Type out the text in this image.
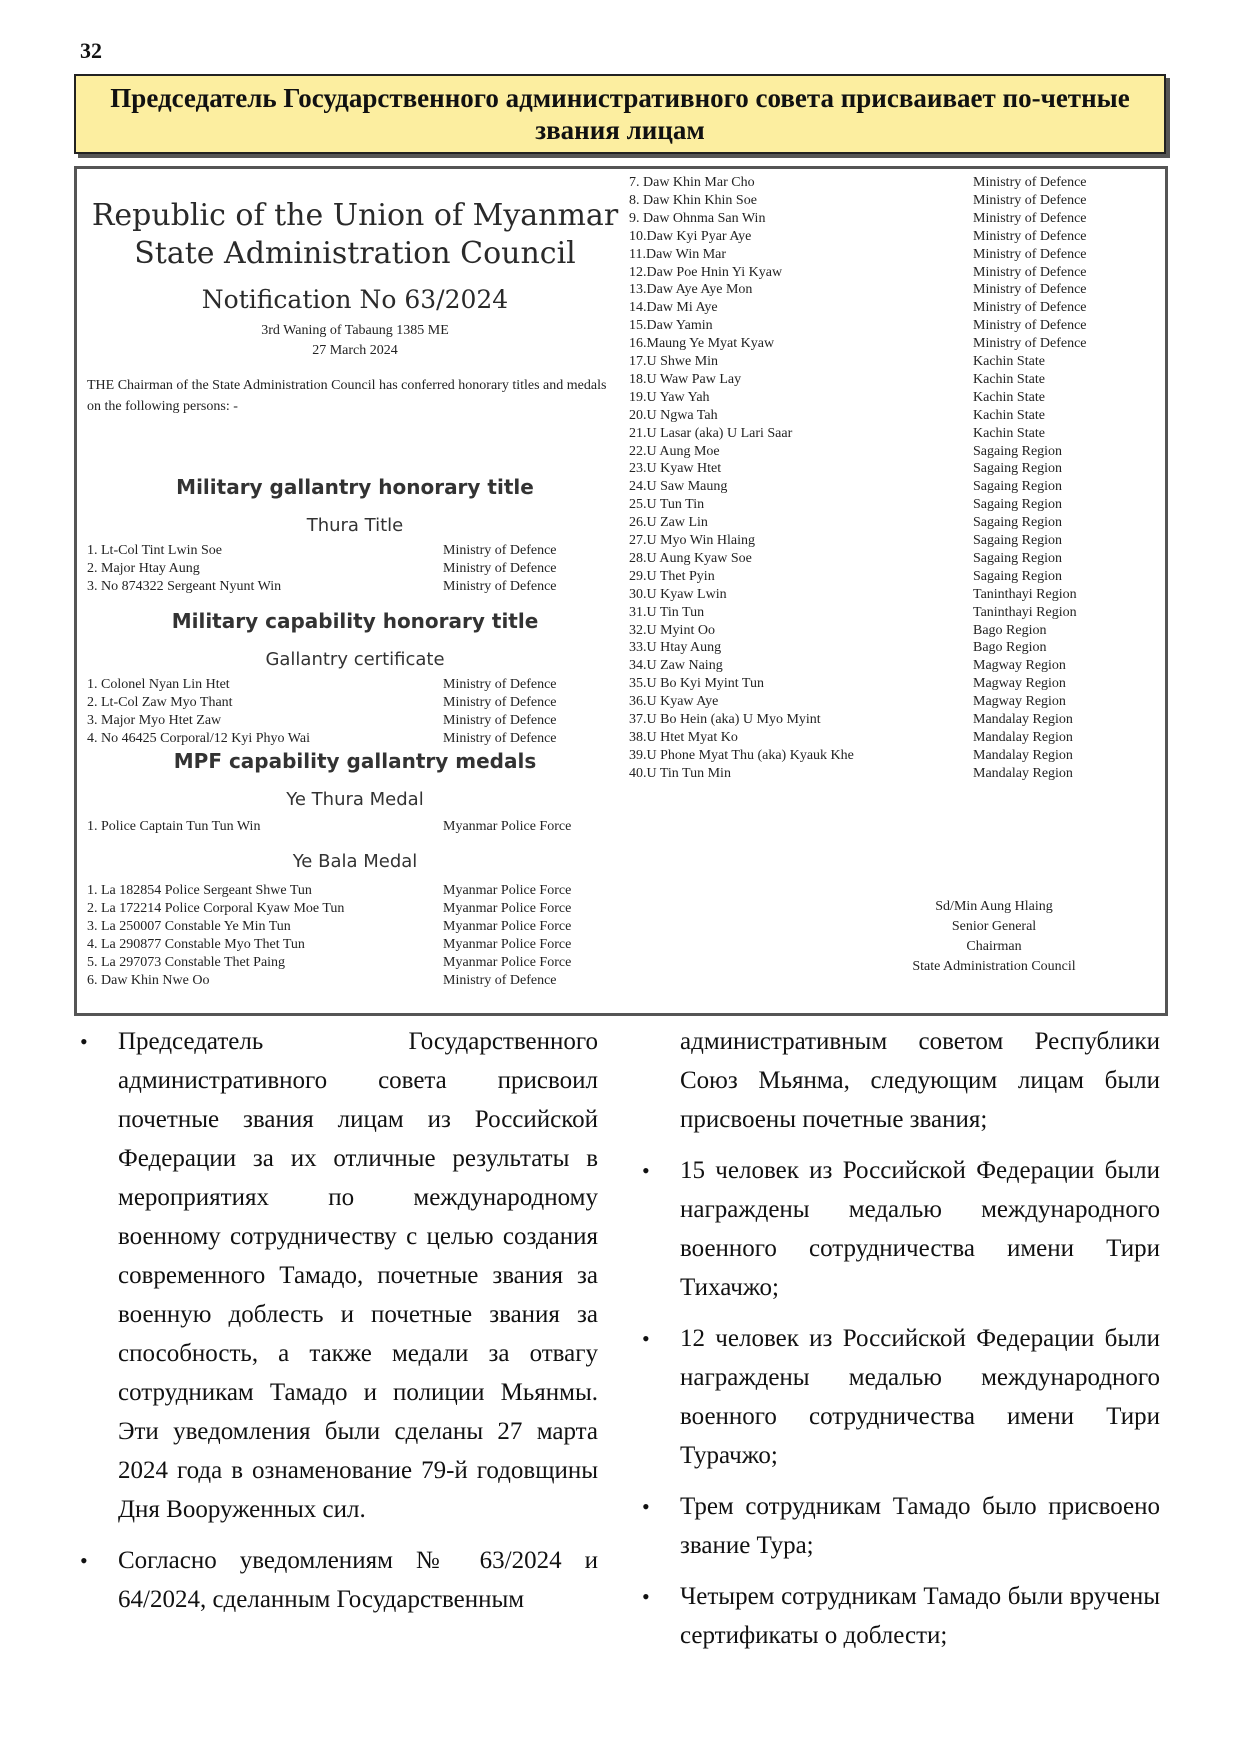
32
Председатель Государственного административного совета присваивает по-четные звания лицам
Republic of the Union of Myanmar
State Administration Council
Notification No 63/2024
3rd Waning of Tabaung 1385 ME
27 March 2024
THE Chairman of the State Administration Council has conferred honorary titles and medals on the following persons: -
Military gallantry honorary title
Thura Title
1. Lt-Col Tint Lwin Soe	Ministry of Defence
2. Major Htay Aung	Ministry of Defence
3. No 874322 Sergeant Nyunt Win	Ministry of Defence
Military capability honorary title
Gallantry certificate
1. Colonel Nyan Lin Htet	Ministry of Defence
2. Lt-Col Zaw Myo Thant	Ministry of Defence
3. Major Myo Htet Zaw	Ministry of Defence
4. No 46425 Corporal/12 Kyi Phyo Wai	Ministry of Defence
MPF capability gallantry medals
Ye Thura Medal
1. Police Captain Tun Tun Win	Myanmar Police Force
Ye Bala Medal
1. La 182854 Police Sergeant Shwe Tun	Myanmar Police Force
2. La 172214 Police Corporal Kyaw Moe Tun	Myanmar Police Force
3. La 250007 Constable Ye Min Tun	Myanmar Police Force
4. La 290877 Constable Myo Thet Tun	Myanmar Police Force
5. La 297073 Constable Thet Paing	Myanmar Police Force
6. Daw Khin Nwe Oo	Ministry of Defence
7. Daw Khin Mar Cho	Ministry of Defence
8. Daw Khin Khin Soe	Ministry of Defence
9. Daw Ohnma San Win	Ministry of Defence
10.Daw Kyi Pyar Aye	Ministry of Defence
11.Daw Win Mar	Ministry of Defence
12.Daw Poe Hnin Yi Kyaw	Ministry of Defence
13.Daw Aye Aye Mon	Ministry of Defence
14.Daw Mi Aye	Ministry of Defence
15.Daw Yamin	Ministry of Defence
16.Maung Ye Myat Kyaw	Ministry of Defence
17.U Shwe Min	Kachin State
18.U Waw Paw Lay	Kachin State
19.U Yaw Yah	Kachin State
20.U Ngwa Tah	Kachin State
21.U Lasar (aka) U Lari Saar	Kachin State
22.U Aung Moe	Sagaing Region
23.U Kyaw Htet	Sagaing Region
24.U Saw Maung	Sagaing Region
25.U Tun Tin	Sagaing Region
26.U Zaw Lin	Sagaing Region
27.U Myo Win Hlaing	Sagaing Region
28.U Aung Kyaw Soe	Sagaing Region
29.U Thet Pyin	Sagaing Region
30.U Kyaw Lwin	Taninthayi Region
31.U Tin Tun	Taninthayi Region
32.U Myint Oo	Bago Region
33.U Htay Aung	Bago Region
34.U Zaw Naing	Magway Region
35.U Bo Kyi Myint Tun	Magway Region
36.U Kyaw Aye	Magway Region
37.U Bo Hein (aka) U Myo Myint	Mandalay Region
38.U Htet Myat Ko	Mandalay Region
39.U Phone Myat Thu (aka) Kyauk Khe	Mandalay Region
40.U Tin Tun Min	Mandalay Region
Sd/Min Aung Hlaing
Senior General
Chairman
State Administration Council

• Председатель Государственного административного совета присвоил почетные звания лицам из Российской Федерации за их отличные результаты в мероприятиях по международному военному сотрудничеству с целью создания современного Тамадо, почетные звания за военную доблесть и почетные звания за способность, а также медали за отвагу сотрудникам Тамадо и полиции Мьянмы. Эти уведомления были сделаны 27 марта 2024 года в ознаменование 79-й годовщины Дня Вооруженных сил.

• Согласно уведомлениям № 63/2024 и 64/2024, сделанным Государственным

административным советом Республики Союз Мьянма, следующим лицам были присвоены почетные звания;

• 15 человек из Российской Федерации были награждены медалью международного военного сотрудничества имени Тири Тихачжо;

• 12 человек из Российской Федерации были награждены медалью международного военного сотрудничества имени Тири Турачжо;

• Трем сотрудникам Тамадо было присвоено звание Тура;

• Четырем сотрудникам Тамадо были вручены сертификаты о доблести;
